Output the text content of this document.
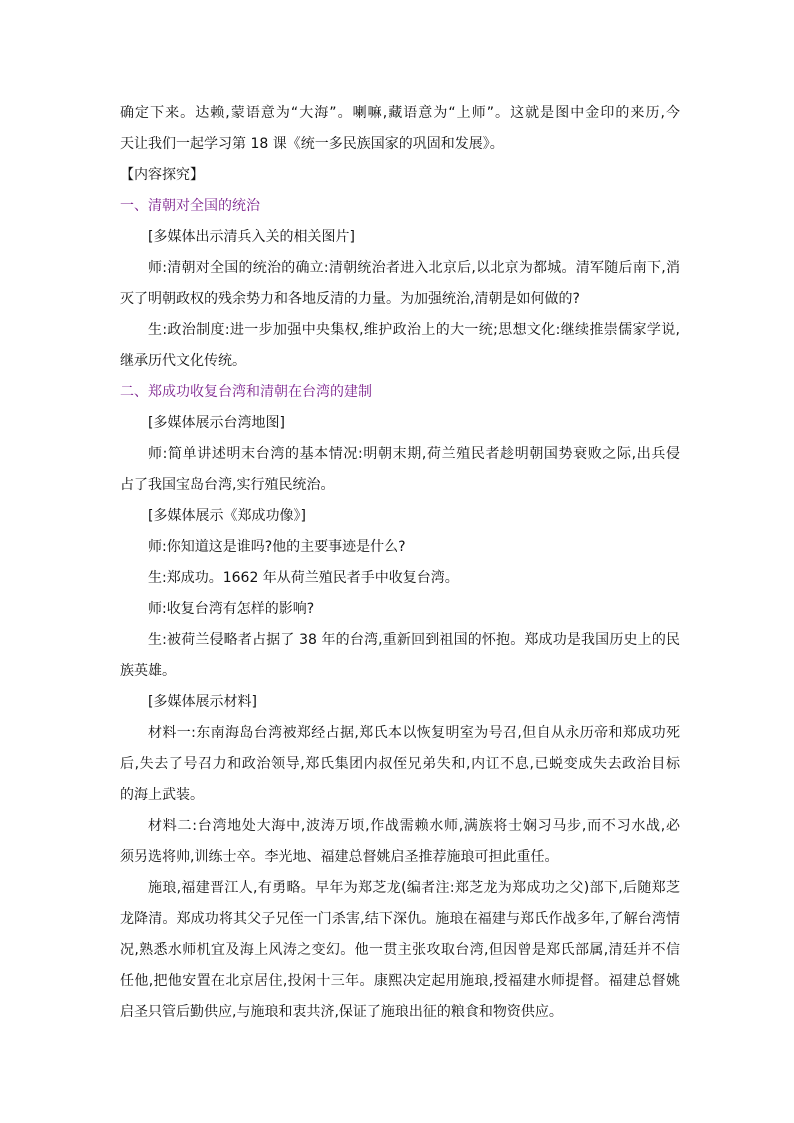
确定下来。达赖,蒙语意为“大海”。喇嘛,藏语意为“上师”。这就是图中金印的来历,今
天让我们一起学习第 18 课《统一多民族国家的巩固和发展》。
【内容探究】
一、清朝对全国的统治
[多媒体出示清兵入关的相关图片]
师:清朝对全国的统治的确立:清朝统治者进入北京后,以北京为都城。清军随后南下,消
灭了明朝政权的残余势力和各地反清的力量。为加强统治,清朝是如何做的?
生:政治制度:进一步加强中央集权,维护政治上的大一统;思想文化:继续推崇儒家学说,
继承历代文化传统。
二、郑成功收复台湾和清朝在台湾的建制
[多媒体展示台湾地图]
师:简单讲述明末台湾的基本情况:明朝末期,荷兰殖民者趁明朝国势衰败之际,出兵侵
占了我国宝岛台湾,实行殖民统治。
[多媒体展示《郑成功像》]
师:你知道这是谁吗?他的主要事迹是什么?
生:郑成功。1662 年从荷兰殖民者手中收复台湾。
师:收复台湾有怎样的影响?
生:被荷兰侵略者占据了 38 年的台湾,重新回到祖国的怀抱。郑成功是我国历史上的民
族英雄。
[多媒体展示材料]
材料一:东南海岛台湾被郑经占据,郑氏本以恢复明室为号召,但自从永历帝和郑成功死
后,失去了号召力和政治领导,郑氏集团内叔侄兄弟失和,内讧不息,已蜕变成失去政治目标
的海上武装。
材料二:台湾地处大海中,波涛万顷,作战需赖水师,满族将士娴习马步,而不习水战,必
须另选将帅,训练士卒。李光地、福建总督姚启圣推荐施琅可担此重任。
施琅,福建晋江人,有勇略。早年为郑芝龙(编者注:郑芝龙为郑成功之父)部下,后随郑芝
龙降清。郑成功将其父子兄侄一门杀害,结下深仇。施琅在福建与郑氏作战多年,了解台湾情
况,熟悉水师机宜及海上风涛之变幻。他一贯主张攻取台湾,但因曾是郑氏部属,清廷并不信
任他,把他安置在北京居住,投闲十三年。康熙决定起用施琅,授福建水师提督。福建总督姚
启圣只管后勤供应,与施琅和衷共济,保证了施琅出征的粮食和物资供应。
